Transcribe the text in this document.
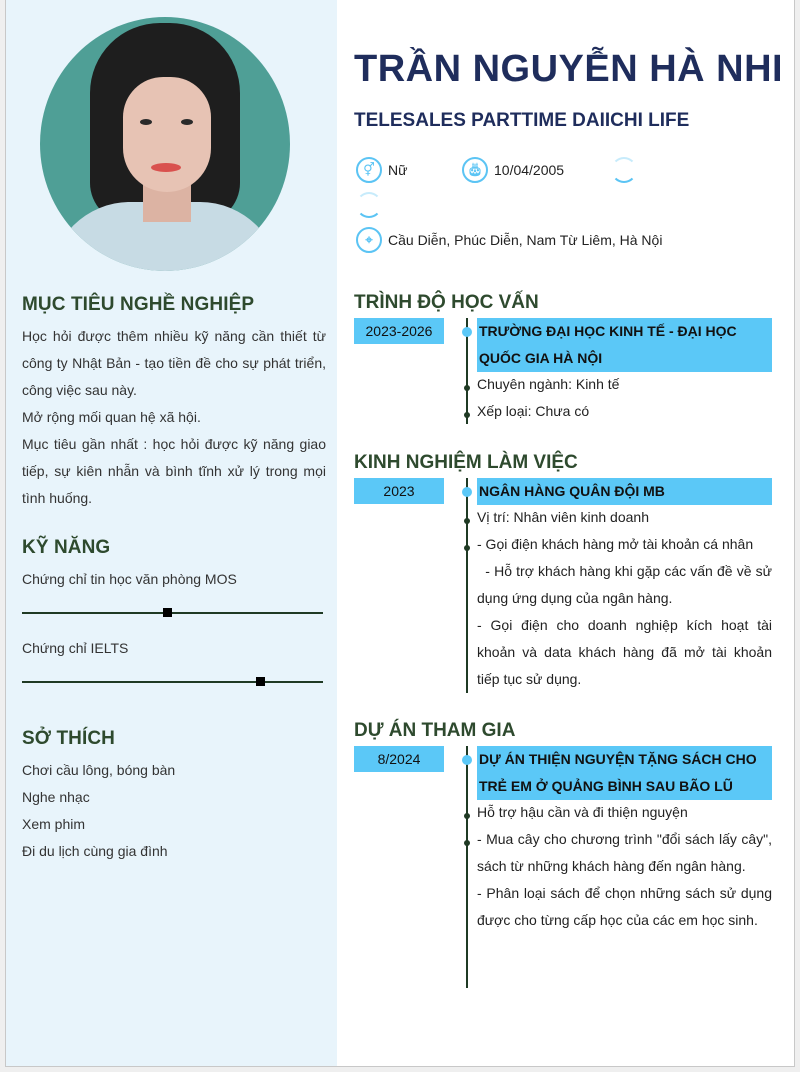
MỤC TIÊU NGHỀ NGHIỆP

Học hỏi được thêm nhiều kỹ năng cần thiết từ công ty Nhật Bản - tạo tiền đề cho sự phát triển, công việc sau này.

Mở rộng mối quan hệ xã hội.

Mục tiêu gần nhất : học hỏi được kỹ năng giao tiếp, sự kiên nhẫn và bình tĩnh xử lý trong mọi tình huống.

KỸ NĂNG
Chứng chỉ tin học văn phòng MOS
Chứng chỉ IELTS
SỞ THÍCH
Chơi cầu lông, bóng bàn
Nghe nhạc
Xem phim
Đi du lịch cùng gia đình
TRẦN NGUYỄN HÀ NHI
TELESALES PARTTIME DAIICHI LIFE
⚥ Nữ	🎂︎ 10/04/2005
⌖	Cầu Diễn, Phúc Diễn, Nam Từ Liêm, Hà Nội
TRÌNH ĐỘ HỌC VẤN
2023-2026	TRƯỜNG ĐẠI HỌC KINH TẾ - ĐẠI HỌC QUỐC GIA HÀ NỘI
Chuyên ngành: Kinh tế
Xếp loại: Chưa có
KINH NGHIỆM LÀM VIỆC
2023	NGÂN HÀNG QUÂN ĐỘI MB
Vị trí: Nhân viên kinh doanh

- Gọi điện khách hàng mở tài khoản cá nhân

- Hỗ trợ khách hàng khi gặp các vấn đề về sử dụng ứng dụng của ngân hàng.

- Gọi điện cho doanh nghiệp kích hoạt tài khoản và data khách hàng đã mở tài khoản tiếp tục sử dụng.

DỰ ÁN THAM GIA
8/2024	DỰ ÁN THIỆN NGUYỆN TẶNG SÁCH CHO TRẺ EM Ở QUẢNG BÌNH SAU BÃO LŨ
Hỗ trợ hậu cần và đi thiện nguyện

- Mua cây cho chương trình "đổi sách lấy cây", sách từ những khách hàng đến ngân hàng.

- Phân loại sách để chọn những sách sử dụng được cho từng cấp học của các em học sinh.
